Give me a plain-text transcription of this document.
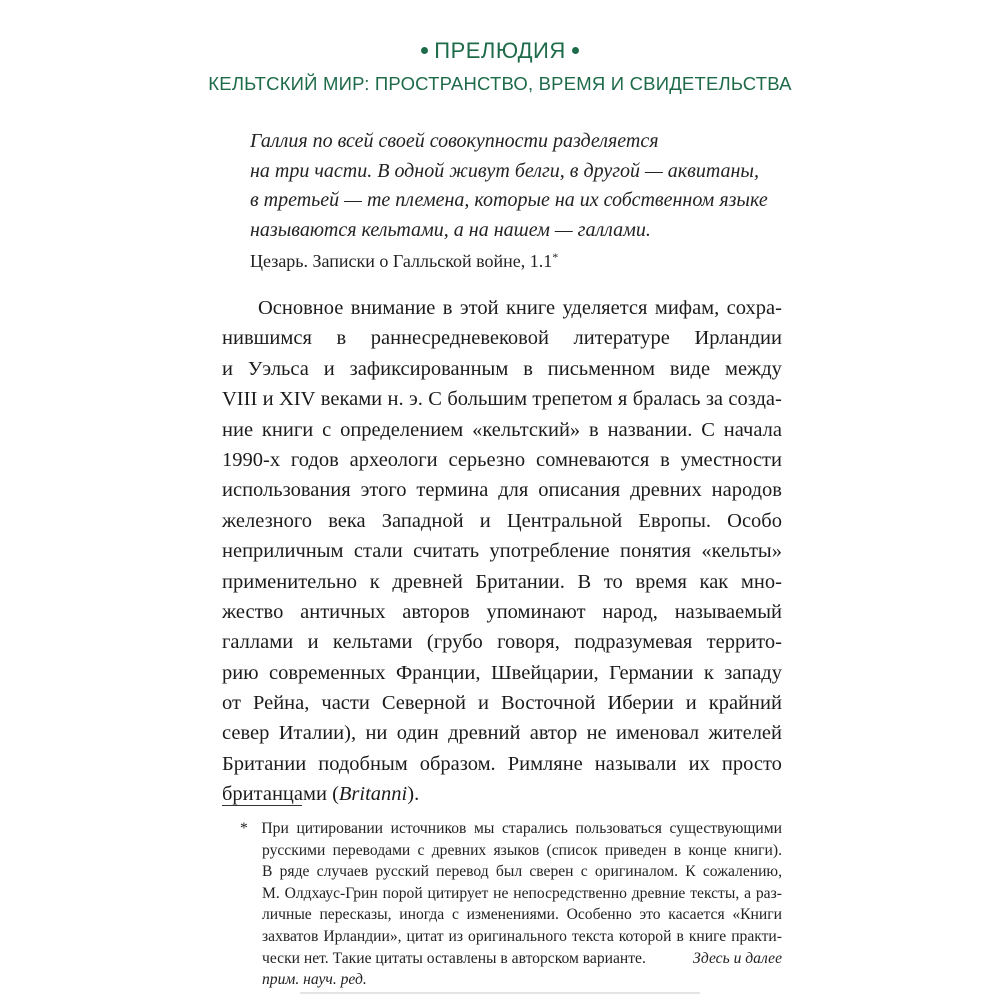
ПРЕЛЮДИЯ
КЕЛЬТСКИЙ МИР: ПРОСТРАНСТВО, ВРЕМЯ И СВИДЕТЕЛЬСТВА
Галлия по всей своей совокупности разделяется
на три части. В одной живут белги, в другой — аквитаны,
в третьей — те племена, которые на их собственном языке
называются кельтами, а на нашем — галлами.
Цезарь. Записки о Галльской войне, 1.1*
Основное внимание в этой книге уделяется мифам, сохра-
нившимся в раннесредневековой литературе Ирландии
и Уэльса и зафиксированным в письменном виде между
VIII и XIV веками н. э. С большим трепетом я бралась за созда-
ние книги с определением «кельтский» в названии. С начала
1990-х годов археологи серьезно сомневаются в уместности
использования этого термина для описания древних народов
железного века Западной и Центральной Европы. Особо
неприличным стали считать употребление понятия «кельты»
применительно к древней Британии. В то время как мно-
жество античных авторов упоминают народ, называемый
галлами и кельтами (грубо говоря, подразумевая террито-
рию современных Франции, Швейцарии, Германии к западу
от Рейна, части Северной и Восточной Иберии и крайний
север Италии), ни один древний автор не именовал жителей
Британии подобным образом. Римляне называли их просто
британцами (Britanni).
* При цитировании источников мы старались пользоваться существующими
русскими переводами с древних языков (список приведен в конце книги).
В ряде случаев русский перевод был сверен с оригиналом. К сожалению,
М. Олдхаус-Грин порой цитирует не непосредственно древние тексты, а раз-
личные пересказы, иногда с изменениями. Особенно это касается «Книги
захватов Ирландии», цитат из оригинального текста которой в книге практи-
чески нет. Такие цитаты оставлены в авторском варианте.	Здесь и далее
прим. науч. ред.
